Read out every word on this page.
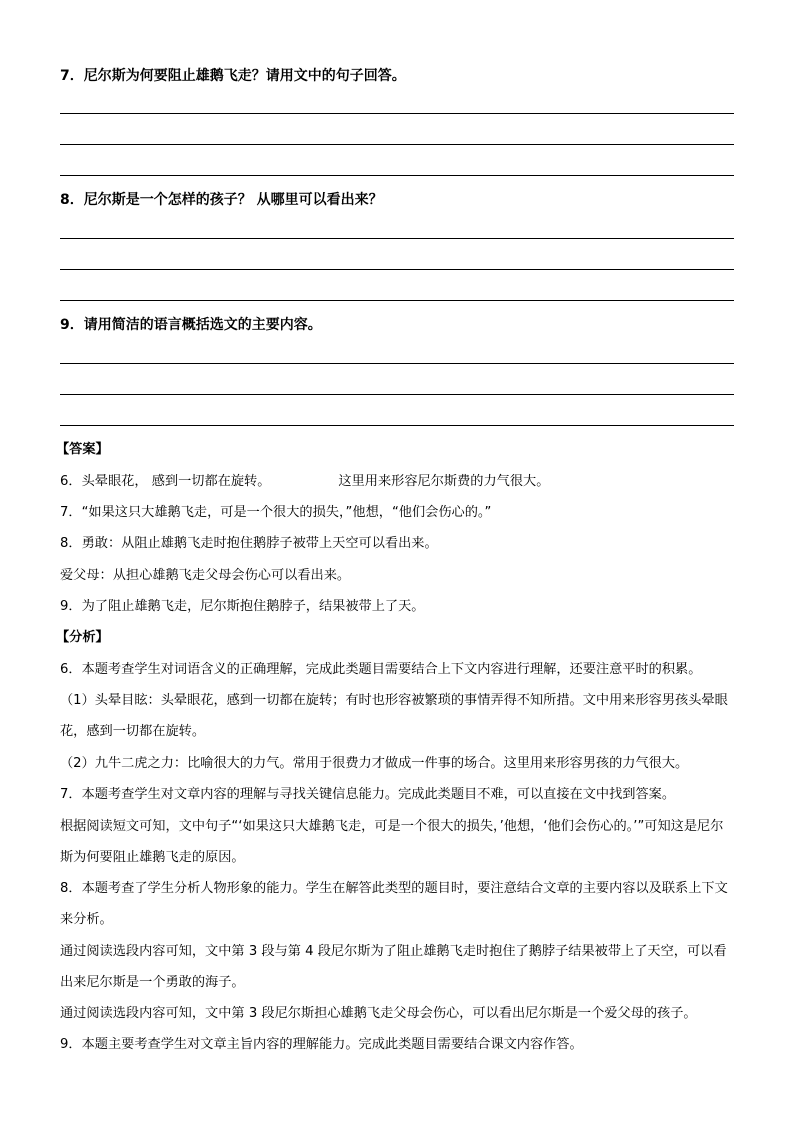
7．尼尔斯为何要阻止雄鹅飞走？请用文中的句子回答。
8．尼尔斯是一个怎样的孩子？ 从哪里可以看出来？
9．请用简洁的语言概括选文的主要内容。
【答案】
6．头晕眼花， 感到一切都在旋转。	这里用来形容尼尔斯费的力气很大。
7．“如果这只大雄鹅飞走，可是一个很大的损失，”他想，“他们会伤心的。”
8．勇敢：从阻止雄鹅飞走时抱住鹅脖子被带上天空可以看出来。
爱父母：从担心雄鹅飞走父母会伤心可以看出来。
9．为了阻止雄鹅飞走，尼尔斯抱住鹅脖子，结果被带上了天。
【分析】
6．本题考查学生对词语含义的正确理解，完成此类题目需要结合上下文内容进行理解，还要注意平时的积累。
（1）头晕目眩：头晕眼花，感到一切都在旋转；有时也形容被繁琐的事情弄得不知所措。文中用来形容男孩头晕眼花，感到一切都在旋转。
（2）九牛二虎之力：比喻很大的力气。常用于很费力才做成一件事的场合。这里用来形容男孩的力气很大。
7．本题考查学生对文章内容的理解与寻找关键信息能力。完成此类题目不难，可以直接在文中找到答案。
根据阅读短文可知，文中句子“‘如果这只大雄鹅飞走，可是一个很大的损失，’他想，‘他们会伤心的。’”可知这是尼尔斯为何要阻止雄鹅飞走的原因。
8．本题考查了学生分析人物形象的能力。学生在解答此类型的题目时，要注意结合文章的主要内容以及联系上下文来分析。
通过阅读选段内容可知，文中第 3 段与第 4 段尼尔斯为了阻止雄鹅飞走时抱住了鹅脖子结果被带上了天空，可以看出来尼尔斯是一个勇敢的海子。
通过阅读选段内容可知，文中第 3 段尼尔斯担心雄鹅飞走父母会伤心，可以看出尼尔斯是一个爱父母的孩子。
9．本题主要考查学生对文章主旨内容的理解能力。完成此类题目需要结合课文内容作答。
